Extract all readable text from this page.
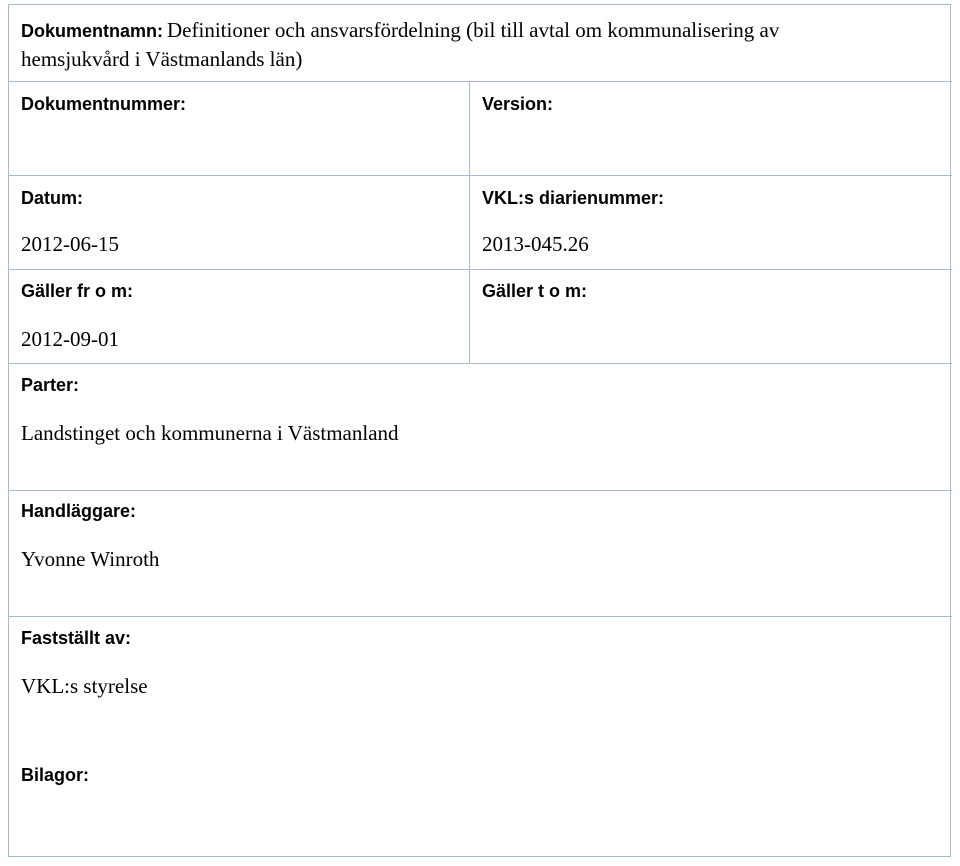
Dokumentnamn: Definitioner och ansvarsfördelning (bil till avtal om kommunalisering av
hemsjukvård i Västmanlands län)
Dokumentnummer:	Version:
Datum:
2012-06-15
VKL:s diarienummer:
2013-045.26
Gäller fr o m:
2012-09-01
Gäller t o m:
Parter:
Landstinget och kommunerna i Västmanland
Handläggare:
Yvonne Winroth
Fastställt av:
VKL:s styrelse
Bilagor:
